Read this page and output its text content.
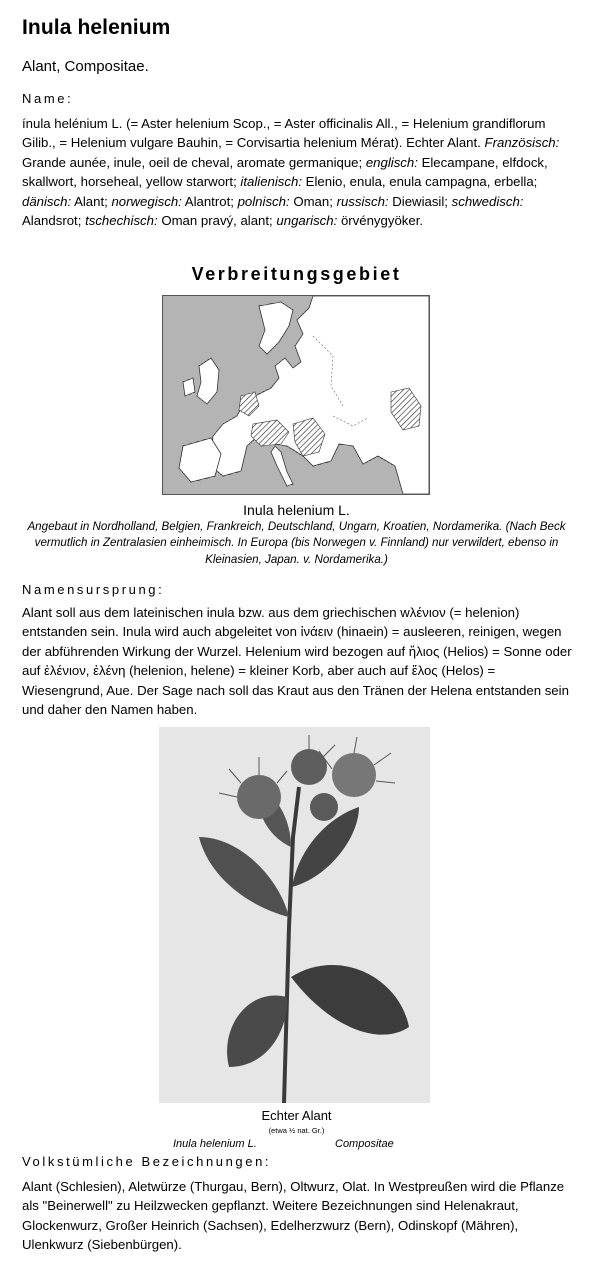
Inula helenium
Alant, Compositae.
Name:
ínula helénium L. (= Aster helenium Scop., = Aster officinalis All., = Helenium grandiflorum Gilib., = Helenium vulgare Bauhin, = Corvisartia helenium Mérat). Echter Alant. Französisch: Grande aunée, inule, oeil de cheval, aromate germanique; englisch: Elecampane, elfdock, skallwort, horseheal, yellow starwort; italienisch: Elenio, enula, enula campagna, erbella; dänisch: Alant; norwegisch: Alantrot; polnisch: Oman; russisch: Diewiasil; schwedisch: Alandsrot; tschechisch: Oman pravý, alant; ungarisch: örvénygyöker.
Verbreitungsgebiet
Inula helenium L.
Angebaut in Nordholland, Belgien, Frankreich, Deutschland, Ungarn, Kroatien, Nordamerika. (Nach Beck vermutlich in Zentralasien einheimisch. In Europa (bis Norwegen v. Finnland) nur verwildert, ebenso in Kleinasien, Japan. v. Nordamerika.)
Namensursprung:
Alant soll aus dem lateinischen inula bzw. aus dem griechischen wλένιον (= helenion) entstanden sein. Inula wird auch abgeleitet von ἰνάειν (hinaein) = ausleeren, reinigen, wegen der abführenden Wirkung der Wurzel. Helenium wird bezogen auf ἥλιος (Helios) = Sonne oder auf ἐλένιον, ἐλένη (helenion, helene) = kleiner Korb, aber auch auf ἕλος (Helos) = Wiesengrund, Aue. Der Sage nach soll das Kraut aus den Tränen der Helena entstanden sein und daher den Namen haben.
Echter Alant
(etwa ½ nat. Gr.)
Inula helenium L.	Compositae
Volkstümliche Bezeichnungen:
Alant (Schlesien), Aletwürze (Thurgau, Bern), Oltwurz, Olat. In Westpreußen wird die Pflanze als "Beinerwell" zu Heilzwecken gepflanzt. Weitere Bezeichnungen sind Helenakraut, Glockenwurz, Großer Heinrich (Sachsen), Edelherzwurz (Bern), Odinskopf (Mähren), Ulenkwurz (Siebenbürgen).
